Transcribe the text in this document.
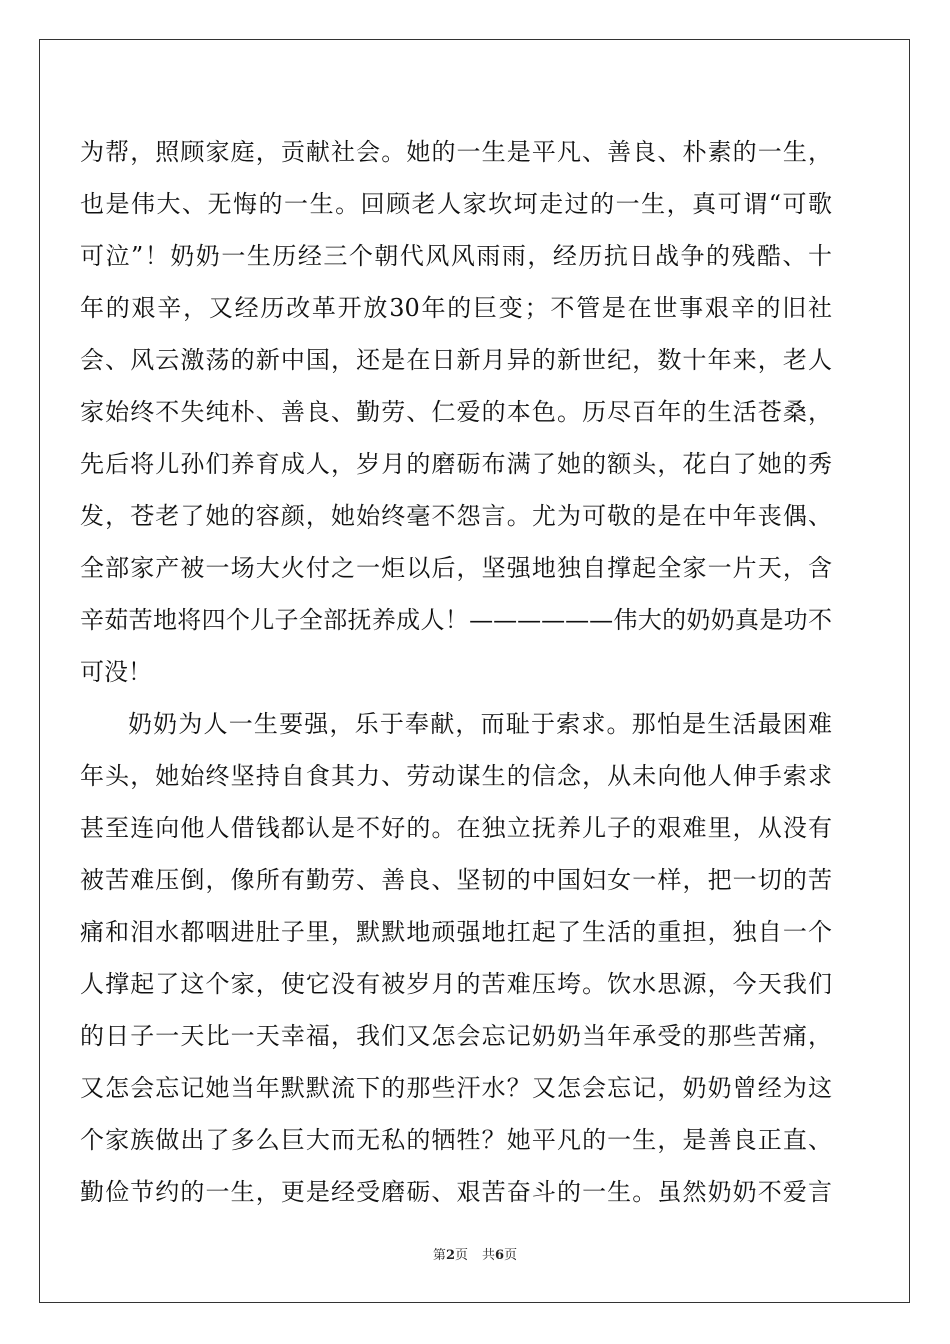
为帮，照顾家庭，贡献社会。她的一生是平凡、善良、朴素的一生，
也是伟大、无悔的一生。回顾老人家坎坷走过的一生，真可谓“可歌
可泣”！奶奶一生历经三个朝代风风雨雨，经历抗日战争的残酷、十
年的艰辛，又经历改革开放30年的巨变；不管是在世事艰辛的旧社
会、风云激荡的新中国，还是在日新月异的新世纪，数十年来，老人
家始终不失纯朴、善良、勤劳、仁爱的本色。历尽百年的生活苍桑，
先后将儿孙们养育成人，岁月的磨砺布满了她的额头，花白了她的秀
发，苍老了她的容颜，她始终毫不怨言。尤为可敬的是在中年丧偶、
全部家产被一场大火付之一炬以后，坚强地独自撑起全家一片天，含
辛茹苦地将四个儿子全部抚养成人！——————伟大的奶奶真是功不
可没！
奶奶为人一生要强，乐于奉献，而耻于索求。那怕是生活最困难
年头，她始终坚持自食其力、劳动谋生的信念，从未向他人伸手索求
甚至连向他人借钱都认是不好的。在独立抚养儿子的艰难里，从没有
被苦难压倒，像所有勤劳、善良、坚韧的中国妇女一样，把一切的苦
痛和泪水都咽进肚子里，默默地顽强地扛起了生活的重担，独自一个
人撑起了这个家，使它没有被岁月的苦难压垮。饮水思源，今天我们
的日子一天比一天幸福，我们又怎会忘记奶奶当年承受的那些苦痛，
又怎会忘记她当年默默流下的那些汗水？又怎会忘记，奶奶曾经为这
个家族做出了多么巨大而无私的牺牲？她平凡的一生，是善良正直、
勤俭节约的一生，更是经受磨砺、艰苦奋斗的一生。虽然奶奶不爱言
第2页 共6页
